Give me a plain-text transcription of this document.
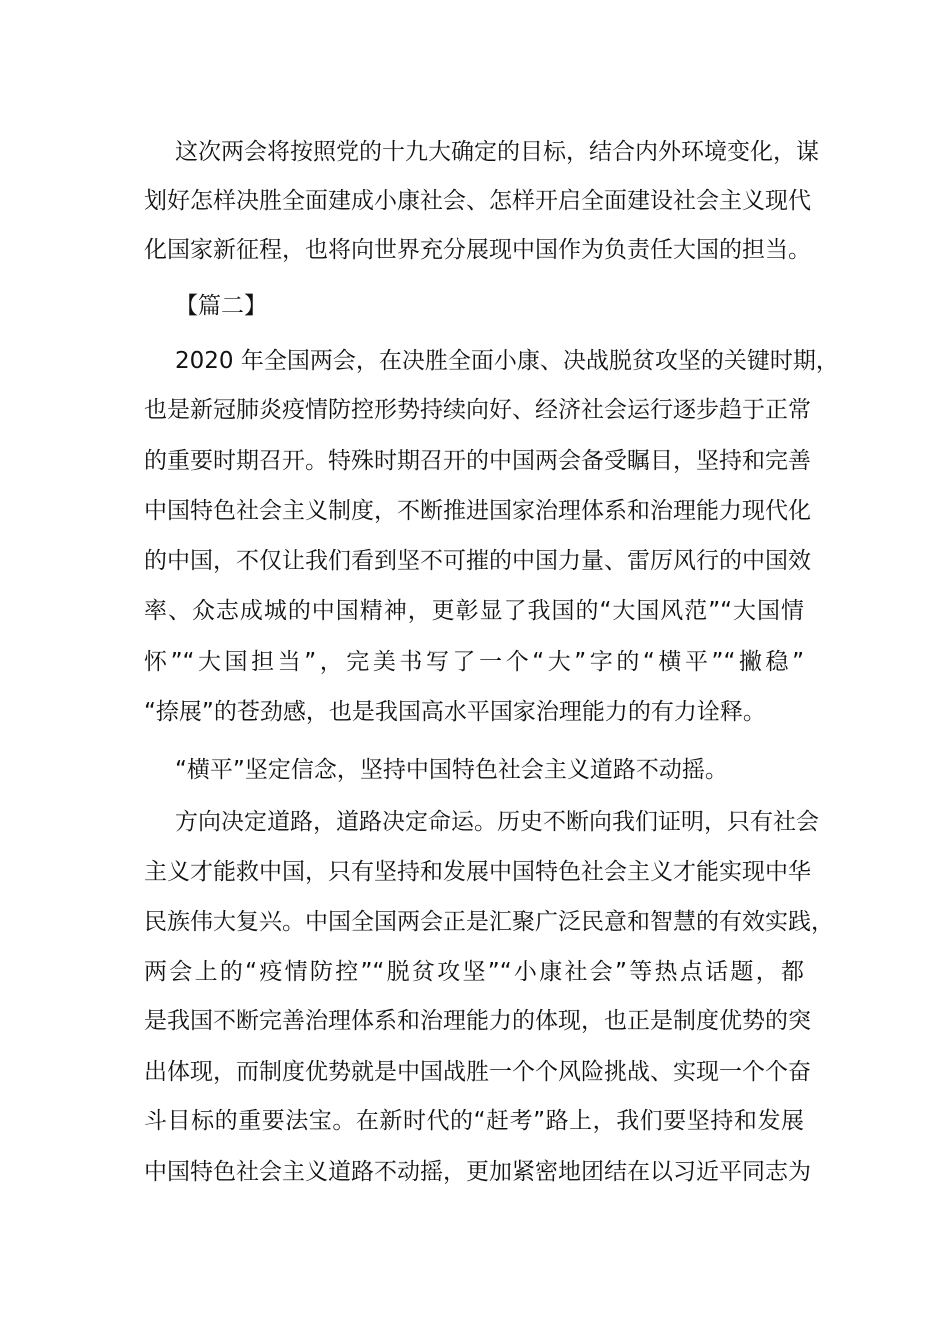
这次两会将按照党的十九大确定的目标，结合内外环境变化，谋
划好怎样决胜全面建成小康社会、怎样开启全面建设社会主义现代
化国家新征程，也将向世界充分展现中国作为负责任大国的担当。
【篇二】
2020 年全国两会，在决胜全面小康、决战脱贫攻坚的关键时期，
也是新冠肺炎疫情防控形势持续向好、经济社会运行逐步趋于正常
的重要时期召开。特殊时期召开的中国两会备受瞩目，坚持和完善
中国特色社会主义制度，不断推进国家治理体系和治理能力现代化
的中国，不仅让我们看到坚不可摧的中国力量、雷厉风行的中国效
率、众志成城的中国精神，更彰显了我国的“大国风范”“大国情
怀”“大国担当”，完美书写了一个“大”字的“横平”“撇稳”
“捺展”的苍劲感，也是我国高水平国家治理能力的有力诠释。
“横平”坚定信念，坚持中国特色社会主义道路不动摇。
方向决定道路，道路决定命运。历史不断向我们证明，只有社会
主义才能救中国，只有坚持和发展中国特色社会主义才能实现中华
民族伟大复兴。中国全国两会正是汇聚广泛民意和智慧的有效实践，
两会上的“疫情防控”“脱贫攻坚”“小康社会”等热点话题，都
是我国不断完善治理体系和治理能力的体现，也正是制度优势的突
出体现，而制度优势就是中国战胜一个个风险挑战、实现一个个奋
斗目标的重要法宝。在新时代的“赶考”路上，我们要坚持和发展
中国特色社会主义道路不动摇，更加紧密地团结在以习近平同志为
